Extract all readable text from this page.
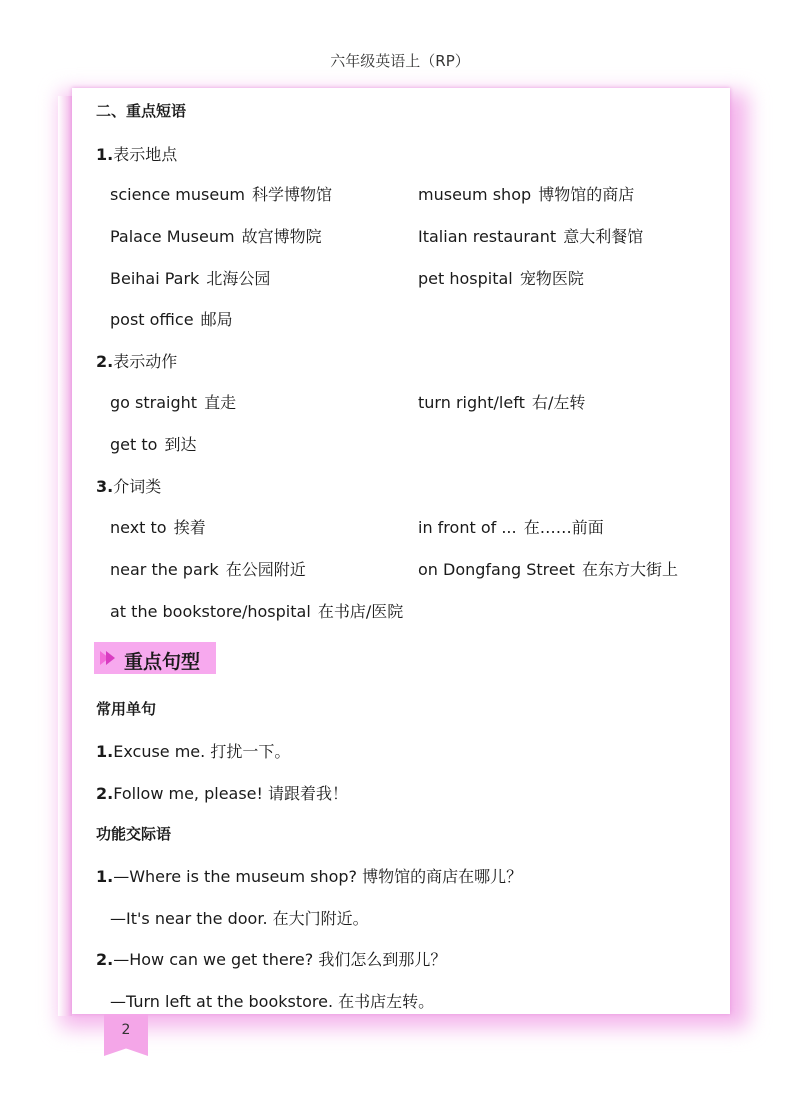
六年级英语上（RP）
二、重点短语
1.表示地点
science museum 科学博物馆	museum shop 博物馆的商店
Palace Museum 故宫博物院	Italian restaurant 意大利餐馆
Beihai Park 北海公园	pet hospital 宠物医院
post office 邮局
2.表示动作
go straight 直走	turn right/left 右/左转
get to 到达
3.介词类
next to 挨着	in front of ... 在……前面
near the park 在公园附近	on Dongfang Street 在东方大街上
at the bookstore/hospital 在书店/医院
重点句型
常用单句
1.Excuse me. 打扰一下。
2.Follow me, please! 请跟着我！
功能交际语
1.—Where is the museum shop? 博物馆的商店在哪儿？
—It's near the door. 在大门附近。
2.—How can we get there? 我们怎么到那儿？
—Turn left at the bookstore. 在书店左转。
2
